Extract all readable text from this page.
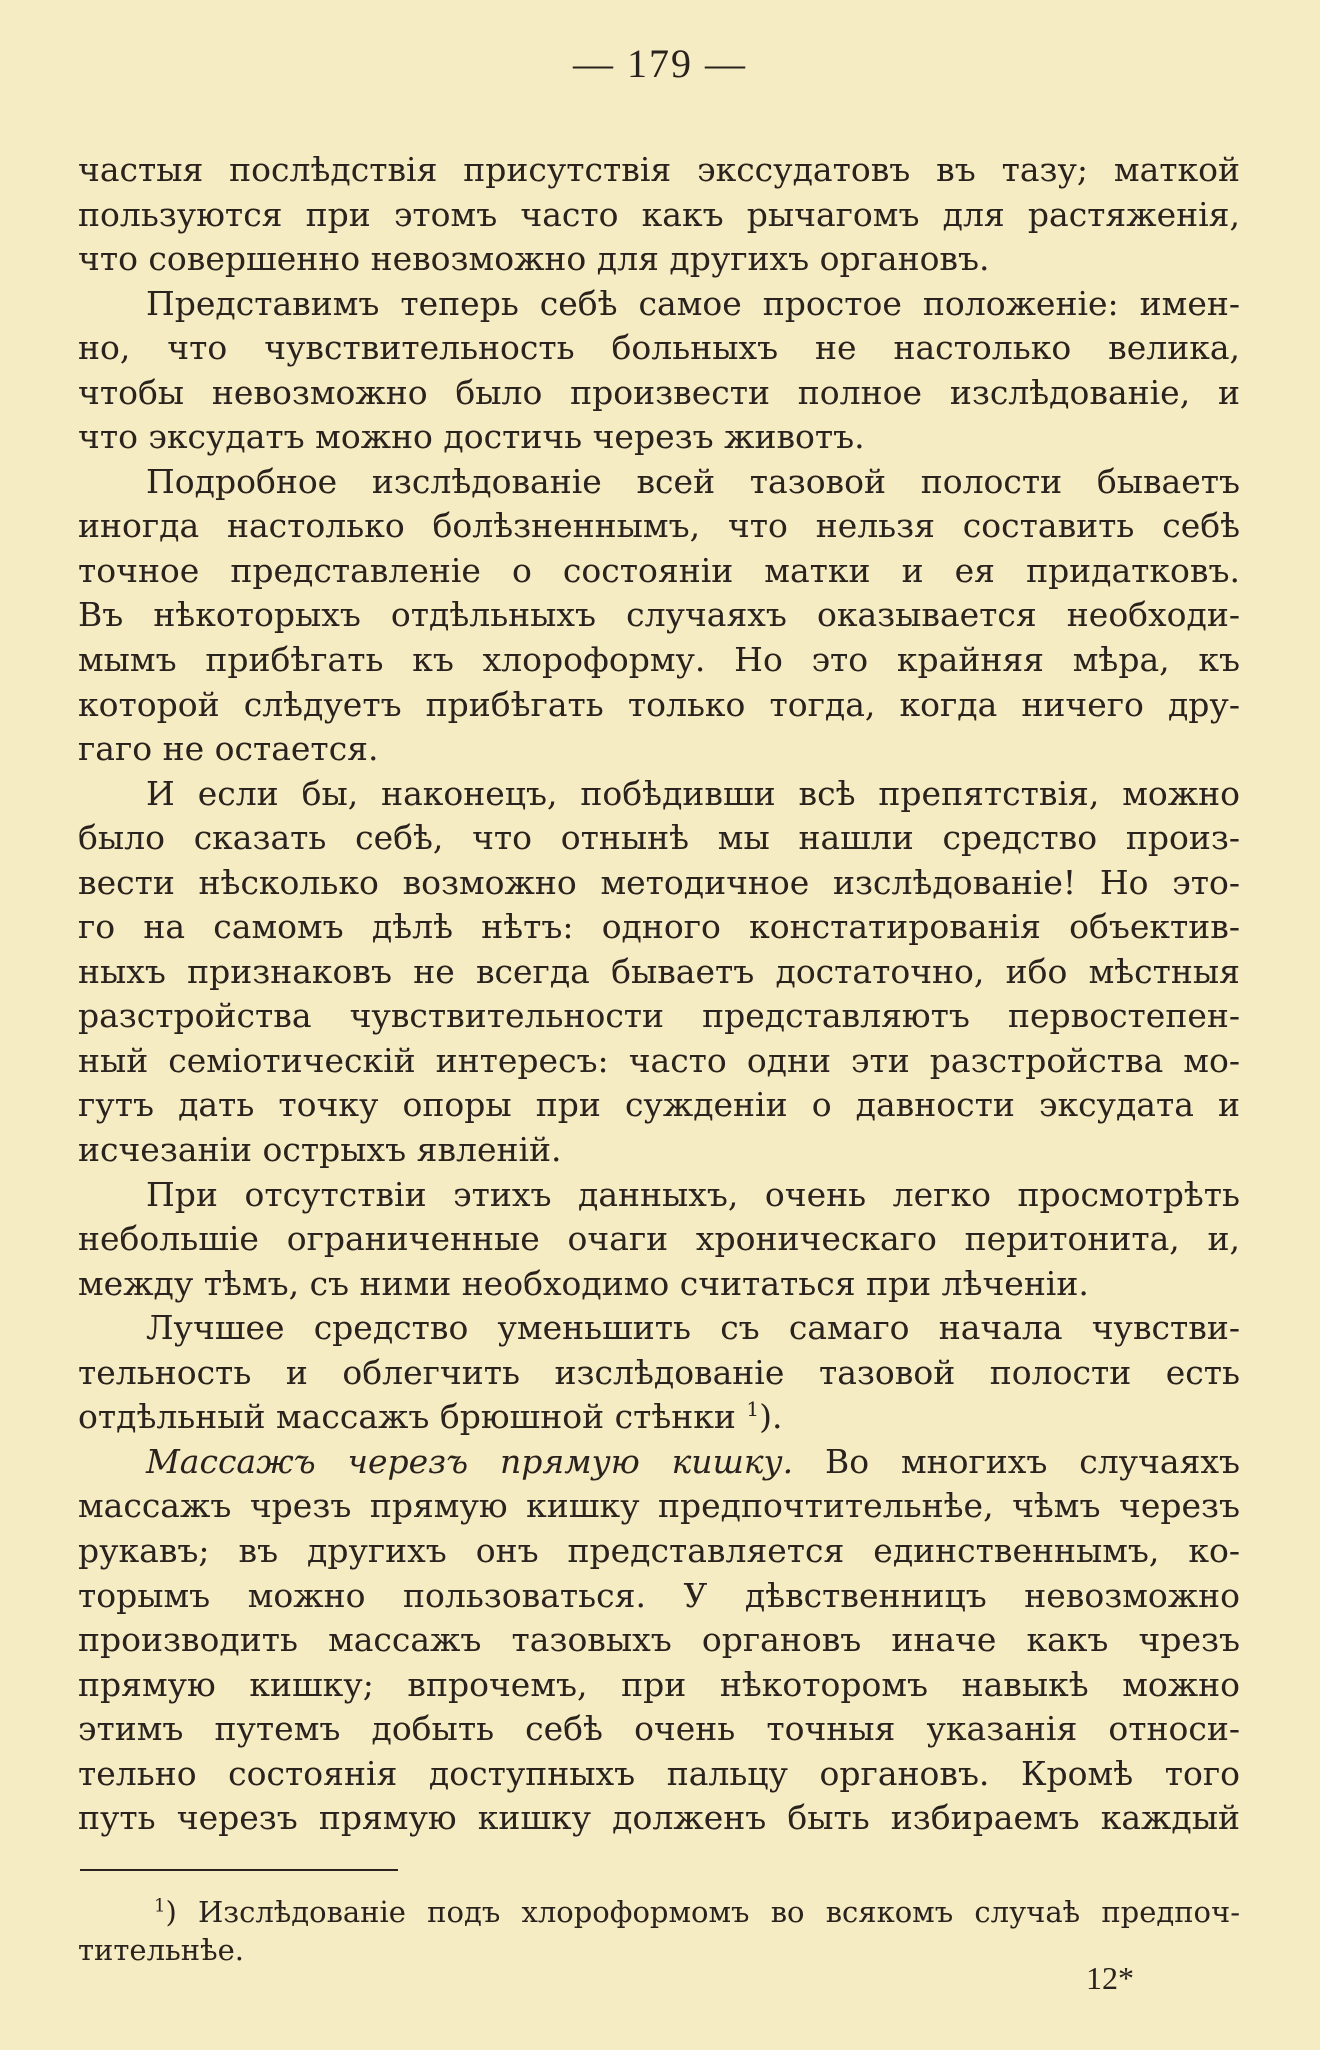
— 179 —
частыя послѣдствія присутствія экссудатовъ въ тазу; маткой
пользуются при этомъ часто какъ рычагомъ для растяженія,
что совершенно невозможно для другихъ органовъ.
Представимъ теперь себѣ самое простое положеніе: имен-
но, что чувствительность больныхъ не настолько велика,
чтобы невозможно было произвести полное изслѣдованіе, и
что эксудатъ можно достичь черезъ животъ.
Подробное изслѣдованіе всей тазовой полости бываетъ
иногда настолько болѣзненнымъ, что нельзя составить себѣ
точное представленіе о состояніи матки и ея придатковъ.
Въ нѣкоторыхъ отдѣльныхъ случаяхъ оказывается необходи-
мымъ прибѣгать къ хлороформу. Но это крайняя мѣра, къ
которой слѣдуетъ прибѣгать только тогда, когда ничего дру-
гаго не остается.
И если бы, наконецъ, побѣдивши всѣ препятствія, можно
было сказать себѣ, что отнынѣ мы нашли средство произ-
вести нѣсколько возможно методичное изслѣдованіе! Но это-
го на самомъ дѣлѣ нѣтъ: одного констатированія объектив-
ныхъ признаковъ не всегда бываетъ достаточно, ибо мѣстныя
разстройства чувствительности представляютъ первостепен-
ный семіотическій интересъ: часто одни эти разстройства мо-
гутъ дать точку опоры при сужденіи о давности эксудата и
исчезаніи острыхъ явленій.
При отсутствіи этихъ данныхъ, очень легко просмотрѣть
небольшіе ограниченные очаги хроническаго перитонита, и,
между тѣмъ, съ ними необходимо считаться при лѣченіи.
Лучшее средство уменьшить съ самаго начала чувстви-
тельность и облегчить изслѣдованіе тазовой полости есть
отдѣльный массажъ брюшной стѣнки $^1$).
Массажъ черезъ прямую кишку. Во многихъ случаяхъ
массажъ чрезъ прямую кишку предпочтительнѣе, чѣмъ черезъ
рукавъ; въ другихъ онъ представляется единственнымъ, ко-
торымъ можно пользоваться. У дѣвственницъ невозможно
производить массажъ тазовыхъ органовъ иначе какъ чрезъ
прямую кишку; впрочемъ, при нѣкоторомъ навыкѣ можно
этимъ путемъ добыть себѣ очень точныя указанія относи-
тельно состоянія доступныхъ пальцу органовъ. Кромѣ того
путь черезъ прямую кишку долженъ быть избираемъ каждый
$^1$) Изслѣдованіе подъ хлороформомъ во всякомъ случаѣ предпоч-
тительнѣе.
12*
